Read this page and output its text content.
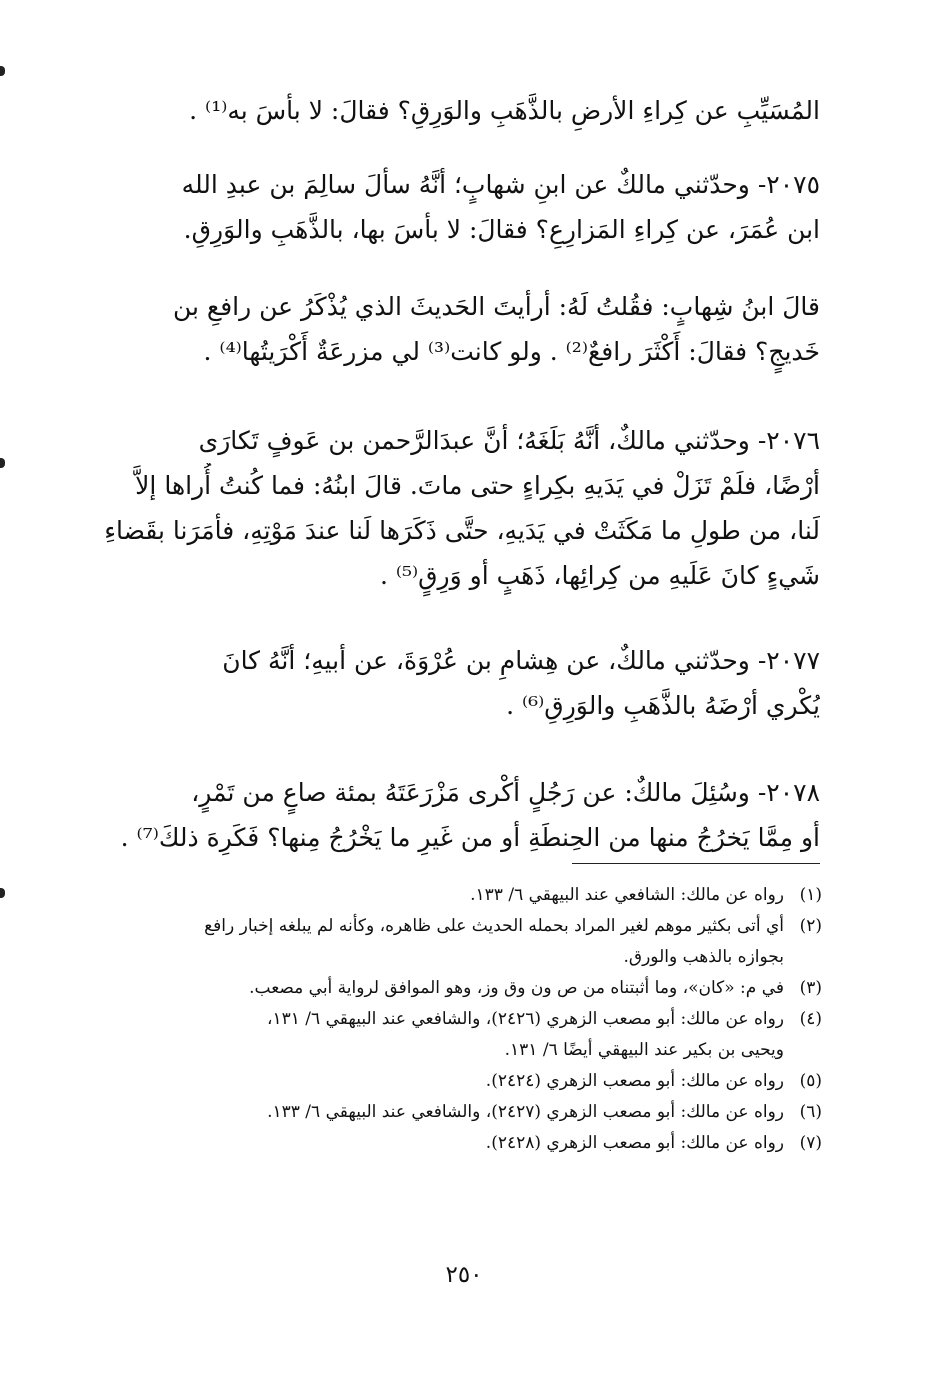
المُسَيِّبِ عن كِراءِ الأرضِ بالذَّهَبِ والوَرِقِ؟ فقالَ: لا بأسَ به⁽¹⁾ .
٢٠٧٥- وحدّثني مالكٌ عن ابنِ شهابٍ؛ أنَّهُ سألَ سالِمَ بن عبدِ الله
ابن عُمَرَ، عن كِراءِ المَزارِعِ؟ فقالَ: لا بأسَ بها، بالذَّهَبِ والوَرِقِ.
قالَ ابنُ شِهابٍ: فقُلتُ لَهُ: أرأيتَ الحَديثَ الذي يُذْكَرُ عن رافعِ بن
خَديجٍ؟ فقالَ: أَكْثَرَ رافعٌ⁽²⁾ . ولو كانت⁽³⁾ لي مزرعَةٌ أَكْرَيتُها⁽⁴⁾ .
٢٠٧٦- وحدّثني مالكٌ، أنَّهُ بَلَغَهُ؛ أنَّ عبدَالرَّحمن بن عَوفٍ تَكارَى
أرْضًا، فلَمْ تَزَلْ في يَدَيهِ بكِراءٍ حتى ماتَ. قالَ ابنُهُ: فما كُنتُ أُراها إلاَّ
لَنا، من طولِ ما مَكَثَتْ في يَدَيهِ، حتَّى ذَكَرَها لَنا عندَ مَوْتِهِ، فأمَرَنا بقَضاءِ
شَيءٍ كانَ عَلَيهِ من كِرائِها، ذَهَبٍ أو وَرِقٍ⁽⁵⁾ .
٢٠٧٧- وحدّثني مالكٌ، عن هِشامِ بن عُرْوَةَ، عن أبيهِ؛ أنَّهُ كانَ
يُكْري أرْضَهُ بالذَّهَبِ والوَرِقِ⁽⁶⁾ .
٢٠٧٨- وسُئِلَ مالكٌ: عن رَجُلٍ أكْرى مَزْرَعَتَهُ بمئة صاعٍ من تَمْرٍ،
أو مِمَّا يَخرُجُ منها من الحِنطَةِ أو من غَيرِ ما يَخْرُجُ مِنها؟ فَكَرِهَ ذلكَ⁽⁷⁾ .
(١)
رواه عن مالك: الشافعي عند البيهقي ٦/ ١٣٣.
(٢)
أي أتى بكثير موهم لغير المراد بحمله الحديث على ظاهره، وكأنه لم يبلغه إخبار رافع
بجوازه بالذهب والورق.
(٣)
في م: «كان»، وما أثبتناه من ص ون وق وز، وهو الموافق لرواية أبي مصعب.
(٤)
رواه عن مالك: أبو مصعب الزهري (٢٤٢٦)، والشافعي عند البيهقي ٦/ ١٣١،
ويحيى بن بكير عند البيهقي أيضًا ٦/ ١٣١.
(٥)
رواه عن مالك: أبو مصعب الزهري (٢٤٢٤).
(٦)
رواه عن مالك: أبو مصعب الزهري (٢٤٢٧)، والشافعي عند البيهقي ٦/ ١٣٣.
(٧)
رواه عن مالك: أبو مصعب الزهري (٢٤٢٨).
٢٥٠
